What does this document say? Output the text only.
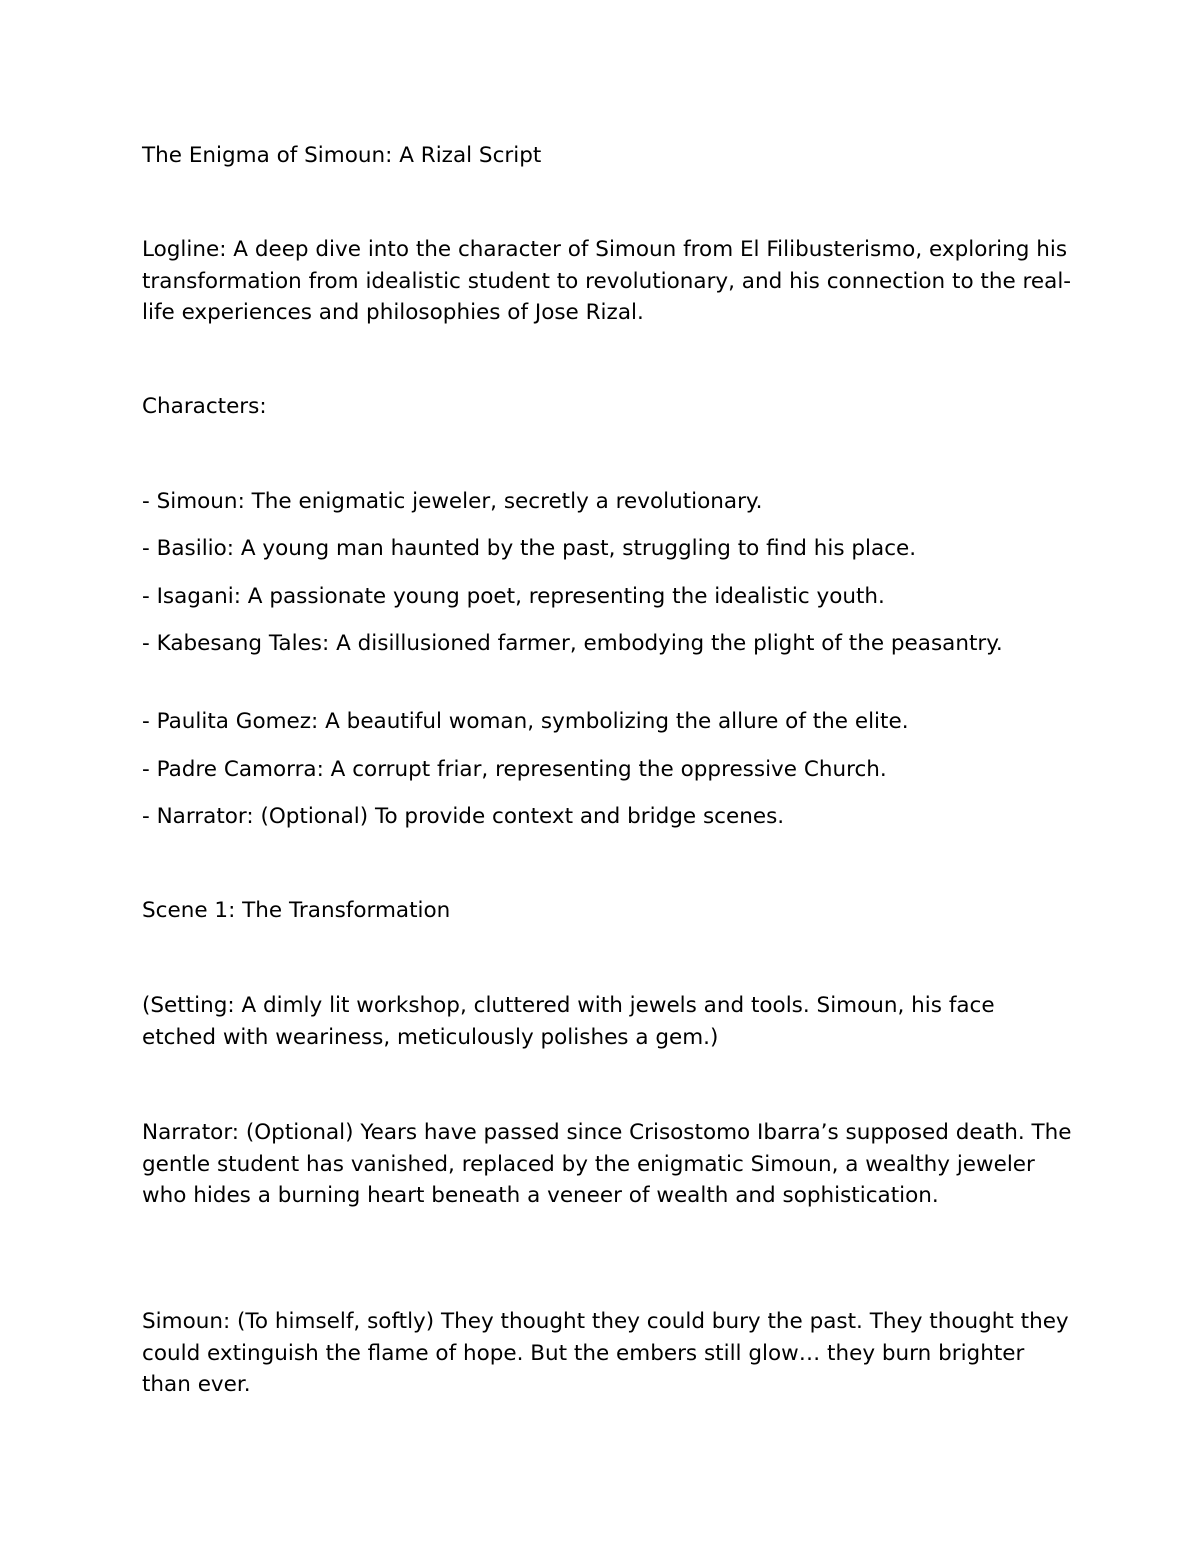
The Enigma of Simoun: A Rizal Script

Logline: A deep dive into the character of Simoun from El Filibusterismo, exploring his transformation from idealistic student to revolutionary, and his connection to the real-life experiences and philosophies of Jose Rizal.

Characters:

- Simoun: The enigmatic jeweler, secretly a revolutionary.

- Basilio: A young man haunted by the past, struggling to find his place.

- Isagani: A passionate young poet, representing the idealistic youth.

- Kabesang Tales: A disillusioned farmer, embodying the plight of the peasantry.

- Paulita Gomez: A beautiful woman, symbolizing the allure of the elite.

- Padre Camorra: A corrupt friar, representing the oppressive Church.

- Narrator: (Optional) To provide context and bridge scenes.

Scene 1: The Transformation

(Setting: A dimly lit workshop, cluttered with jewels and tools. Simoun, his face etched with weariness, meticulously polishes a gem.)

Narrator: (Optional) Years have passed since Crisostomo Ibarra’s supposed death. The gentle student has vanished, replaced by the enigmatic Simoun, a wealthy jeweler who hides a burning heart beneath a veneer of wealth and sophistication.

Simoun: (To himself, softly) They thought they could bury the past. They thought they could extinguish the flame of hope. But the embers still glow… they burn brighter than ever.
